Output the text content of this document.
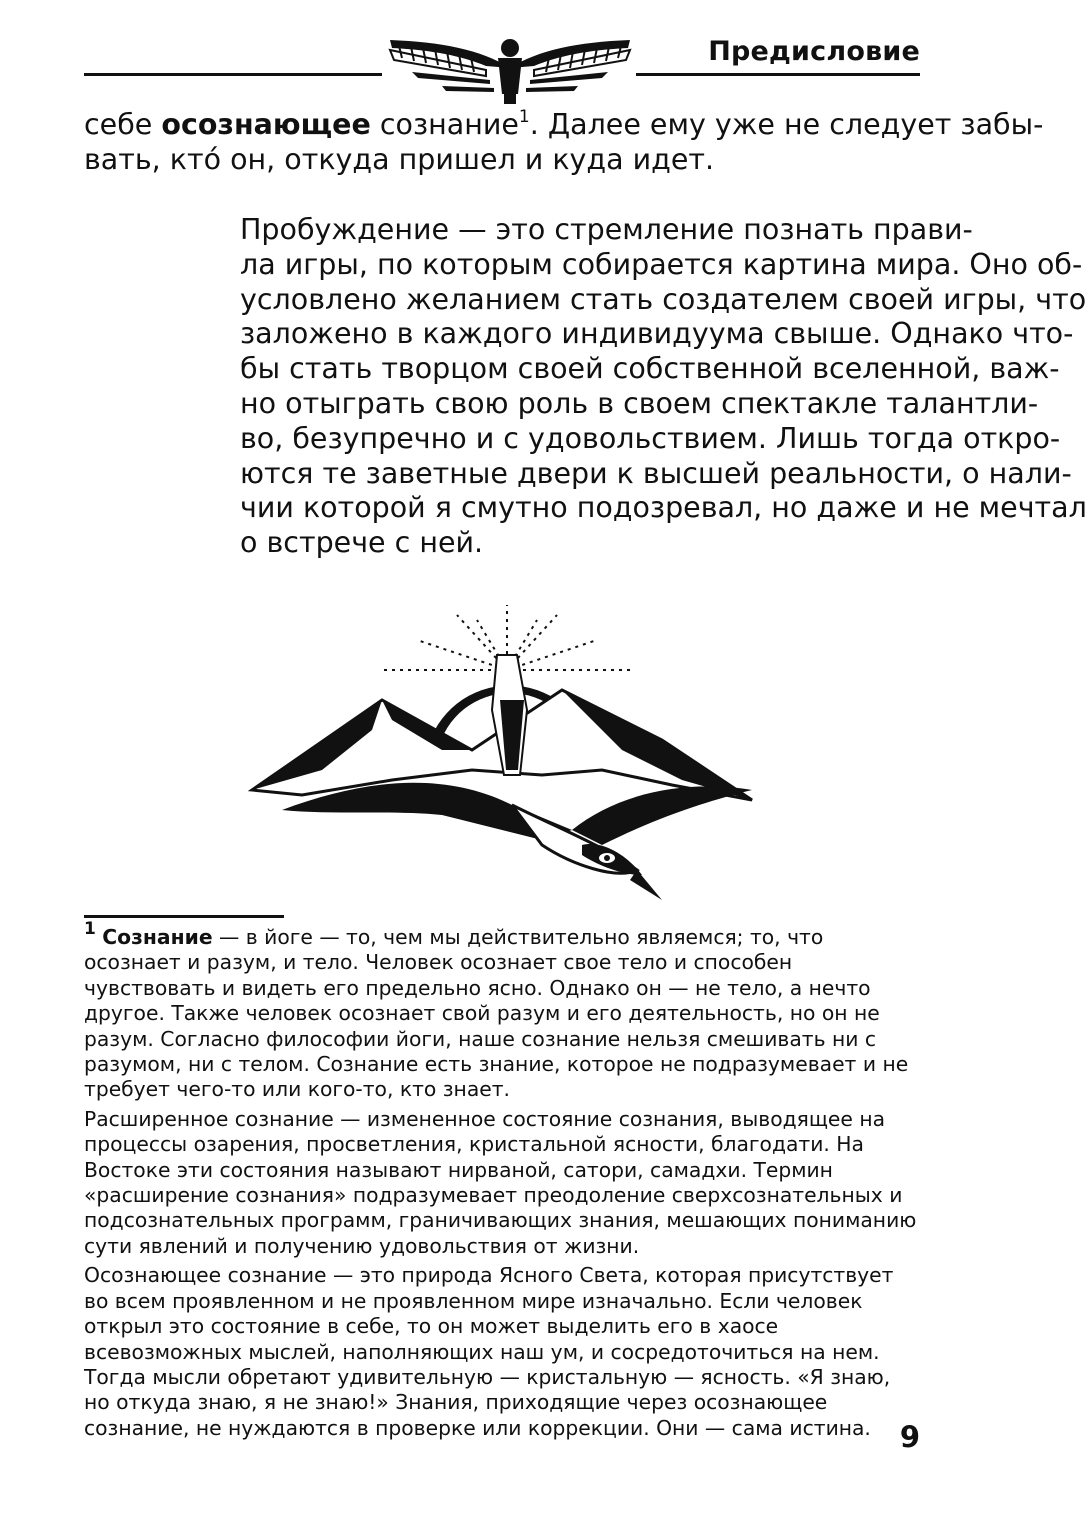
Предисловие

себе осознающее сознание$^1$. Далее ему уже не следует забы-
вать, кто́ он, откуда пришел и куда идет.

Пробуждение — это стремление познать прави-
ла игры, по которым собирается картина мира. Оно об-
условлено желанием стать создателем своей игры, что
заложено в каждого индивидуума свыше. Однако что-
бы стать творцом своей собственной вселенной, важ-
но отыграть свою роль в своем спектакле талантли-
во, безупречно и с удовольствием. Лишь тогда откро-
ются те заветные двери к высшей реальности, о нали-
чии которой я смутно подозревал, но даже и не мечтал
о встрече с ней.

$^1$ Сознание — в йоге — то, чем мы действительно являемся; то, что осознает и разум, и тело. Человек осознает свое тело и способен чувствовать и видеть его предельно ясно. Однако он — не тело, а нечто другое. Также человек осознает свой разум и его деятельность, но он не разум. Согласно философии йоги, наше сознание нельзя смешивать ни с разумом, ни с телом. Сознание есть знание, которое не подразумевает и не требует чего-то или кого-то, кто знает.

Расширенное сознание — измененное состояние сознания, выводящее на процессы озарения, просветления, кристальной ясности, благодати. На Востоке эти состояния называют нирваной, сатори, самадхи. Термин «расширение сознания» подразумевает преодоление сверхсознательных и подсознательных программ, граничивающих знания, мешающих пониманию сути явлений и получению удовольствия от жизни.

Осознающее сознание — это природа Ясного Света, которая присутствует во всем проявленном и не проявленном мире изначально. Если человек открыл это состояние в себе, то он может выделить его в хаосе всевозможных мыслей, наполняющих наш ум, и сосредоточиться на нем. Тогда мысли обретают удивительную — кристальную — ясность. «Я знаю, но откуда знаю, я не знаю!» Знания, приходящие через осознающее сознание, не нуждаются в проверке или коррекции. Они — сама истина. 9
